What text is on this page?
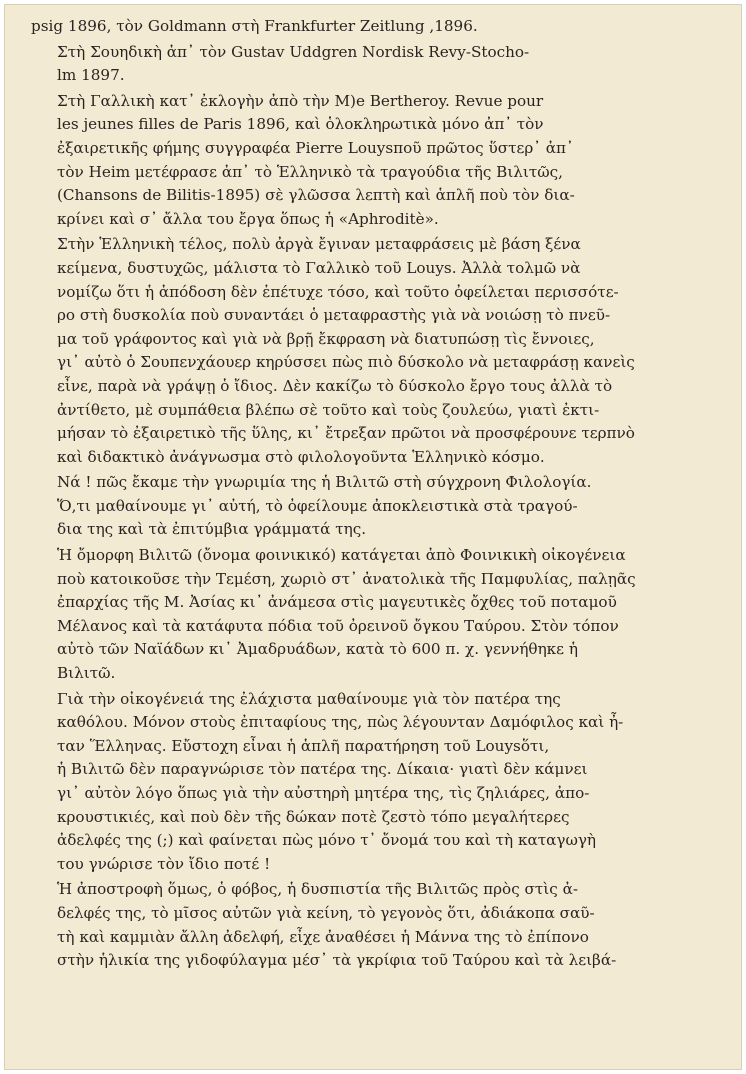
psig 1896, τὸν Goldmann στὴ Frankfurter Zeitlung ,1896.
Στὴ Σουηδικὴ ἀπ᾿ τὸν Gustav Uddgren Nordisk Revy-Stocho-
lm 1897.
Στὴ Γαλλικὴ κατ᾿ ἐκλογὴν ἀπὸ τὴν M)e Bertheroy. Revue pour
les jeunes filles de Paris 1896, καὶ ὁλοκληρωτικὰ μόνο ἀπ᾿ τὸν
ἐξαιρετικῆς φήμης συγγραφέα Pierre Louysποῦ πρῶτος ὕστερ᾿ ἀπ᾿
τὸν Heim μετέφρασε ἀπ᾿ τὸ Ἑλληνικὸ τὰ τραγούδια τῆς Βιλιτῶς,
(Chansons de Bilitis-1895) σὲ γλῶσσα λεπτὴ καὶ ἁπλῆ ποὺ τὸν δια-
κρίνει καὶ σ᾿ ἄλλα του ἔργα ὅπως ἡ «Aphroditè».
Στὴν Ἑλληνικὴ τέλος, πολὺ ἀργὰ ἔγιναν μεταφράσεις μὲ βάση ξένα
κείμενα, δυστυχῶς, μάλιστα τὸ Γαλλικὸ τοῦ Louys. Ἀλλὰ τολμῶ νὰ
νομίζω ὅτι ἡ ἀπόδοση δὲν ἐπέτυχε τόσο, καὶ τοῦτο ὀφείλεται περισσότε-
ρο στὴ δυσκολία ποὺ συναντάει ὁ μεταφραστὴς γιὰ νὰ νοιώσῃ τὸ πνεῦ-
μα τοῦ γράφοντος καὶ γιὰ νὰ βρῇ ἔκφραση νὰ διατυπώσῃ τὶς ἔννοιες,
γι᾿ αὐτὸ ὁ Σουπενχάουερ κηρύσσει πὼς πιὸ δύσκολο νὰ μεταφράσῃ κανεὶς
εἶνε, παρὰ νὰ γράψῃ ὁ ἴδιος. Δὲν κακίζω τὸ δύσκολο ἔργο τους ἀλλὰ τὸ
ἀντίθετο, μὲ συμπάθεια βλέπω σὲ τοῦτο καὶ τοὺς ζουλεύω, γιατὶ ἐκτι-
μήσαν τὸ ἐξαιρετικὸ τῆς ὕλης, κι᾿ ἔτρεξαν πρῶτοι νὰ προσφέρουνε τερπνὸ
καὶ διδακτικὸ ἀνάγνωσμα στὸ φιλολογοῦντα Ἑλληνικὸ κόσμο.
Νά ! πῶς ἔκαμε τὴν γνωριμία της ἡ Βιλιτῶ στὴ σύγχρονη Φιλολογία.
Ὅ,τι μαθαίνουμε γι᾿ αὐτή, τὸ ὀφείλουμε ἀποκλειστικὰ στὰ τραγού-
δια της καὶ τὰ ἐπιτύμβια γράμματά της.
Ἡ ὄμορφη Βιλιτῶ (ὄνομα φοινικικό) κατάγεται ἀπὸ Φοινικικὴ οἰκογένεια
ποὺ κατοικοῦσε τὴν Τεμέση, χωριὸ στ᾿ ἀνατολικὰ τῆς Παμφυλίας, παλῃᾶς
ἐπαρχίας τῆς Μ. Ἀσίας κι᾿ ἀνάμεσα στὶς μαγευτικὲς ὄχθες τοῦ ποταμοῦ
Μέλανος καὶ τὰ κατάφυτα πόδια τοῦ ὀρεινοῦ ὄγκου Ταύρου. Στὸν τόπον
αὐτὸ τῶν Ναϊάδων κι᾿ Ἀμαδρυάδων, κατὰ τὸ 600 π. χ. γεννήθηκε ἡ
Βιλιτῶ.
Γιὰ τὴν οἰκογένειά της ἐλάχιστα μαθαίνουμε γιὰ τὸν πατέρα της
καθόλου. Μόνον στοὺς ἐπιταφίους της, πὼς λέγουνταν Δαμόφιλος καὶ ἦ-
ταν Ἕλληνας. Εὔστοχη εἶναι ἡ ἁπλῆ παρατήρηση τοῦ Louysὅτι,
ἡ Βιλιτῶ δὲν παραγνώρισε τὸν πατέρα της. Δίκαια· γιατὶ δὲν κάμνει
γι᾿ αὐτὸν λόγο ὅπως γιὰ τὴν αὐστηρὴ μητέρα της, τὶς ζηλιάρες, ἀπο-
κρουστικιές, καὶ ποὺ δὲν τῆς δώκαν ποτὲ ζεστὸ τόπο μεγαλήτερες
ἀδελφές της (;) καὶ φαίνεται πὼς μόνο τ᾿ ὄνομά του καὶ τὴ καταγωγὴ
του γνώρισε τὸν ἴδιο ποτέ !
Ἡ ἀποστροφὴ ὅμως, ὁ φόβος, ἡ δυσπιστία τῆς Βιλιτῶς πρὸς στὶς ἀ-
δελφές της, τὸ μῖσος αὐτῶν γιὰ κείνη, τὸ γεγονὸς ὅτι, ἀδιάκοπα σαῦ-
τὴ καὶ καμμιὰν ἄλλη ἀδελφή, εἶχε ἀναθέσει ἡ Μάννα της τὸ ἐπίπονο
στὴν ἡλικία της γιδοφύλαγμα μέσ᾿ τὰ γκρίφια τοῦ Ταύρου καὶ τὰ λειβά-
